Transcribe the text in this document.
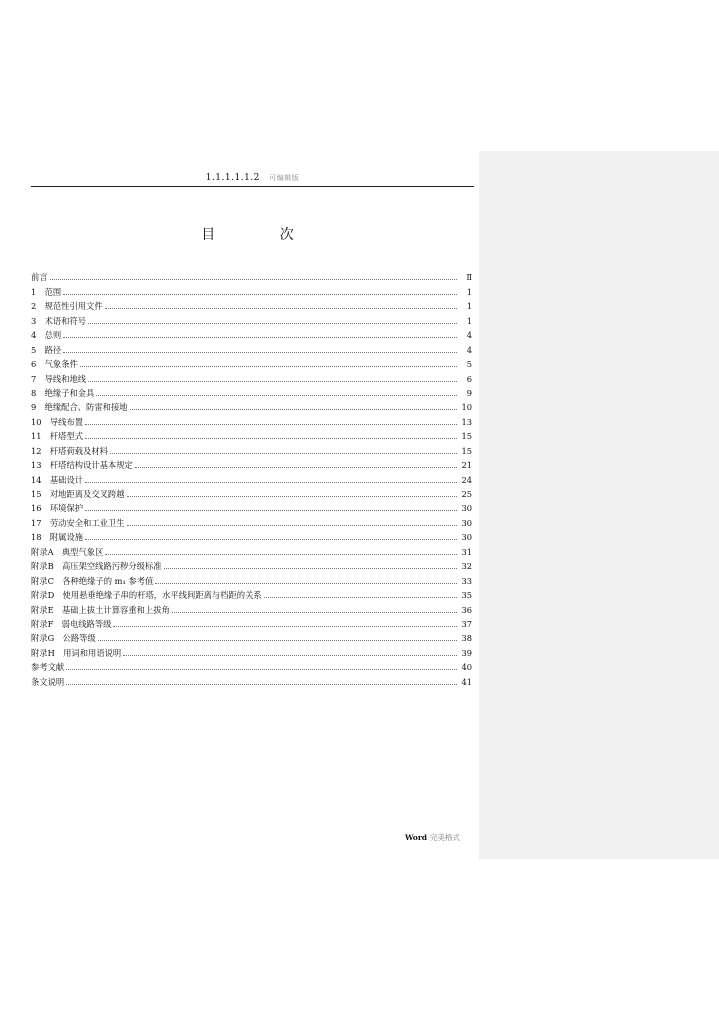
1.1.1.1.1.2 可编辑版
目 次
前言	Ⅱ
1　范围	1
2　规范性引用文件	1
3　术语和符号	1
4　总则	4
5　路径	4
6　气象条件	5
7　导线和地线	6
8　绝缘子和金具	9
9　绝缘配合、防雷和接地	10
10　导线布置	13
11　杆塔型式	15
12　杆塔荷载及材料	15
13　杆塔结构设计基本规定	21
14　基础设计	24
15　对地距离及交叉跨越	25
16　环境保护	30
17　劳动安全和工业卫生	30
18　附属设施	30
附录A　典型气象区	31
附录B　高压架空线路污秽分级标准	32
附录C　各种绝缘子的 m₁ 参考值	33
附录D　使用悬垂绝缘子串的杆塔，水平线间距离与档距的关系	35
附录E　基础上拔土计算容重和上拔角	36
附录F　弱电线路等级	37
附录G　公路等级	38
附录H　用词和用语说明	39
参考文献	40
条文说明	41
Word 完美格式
